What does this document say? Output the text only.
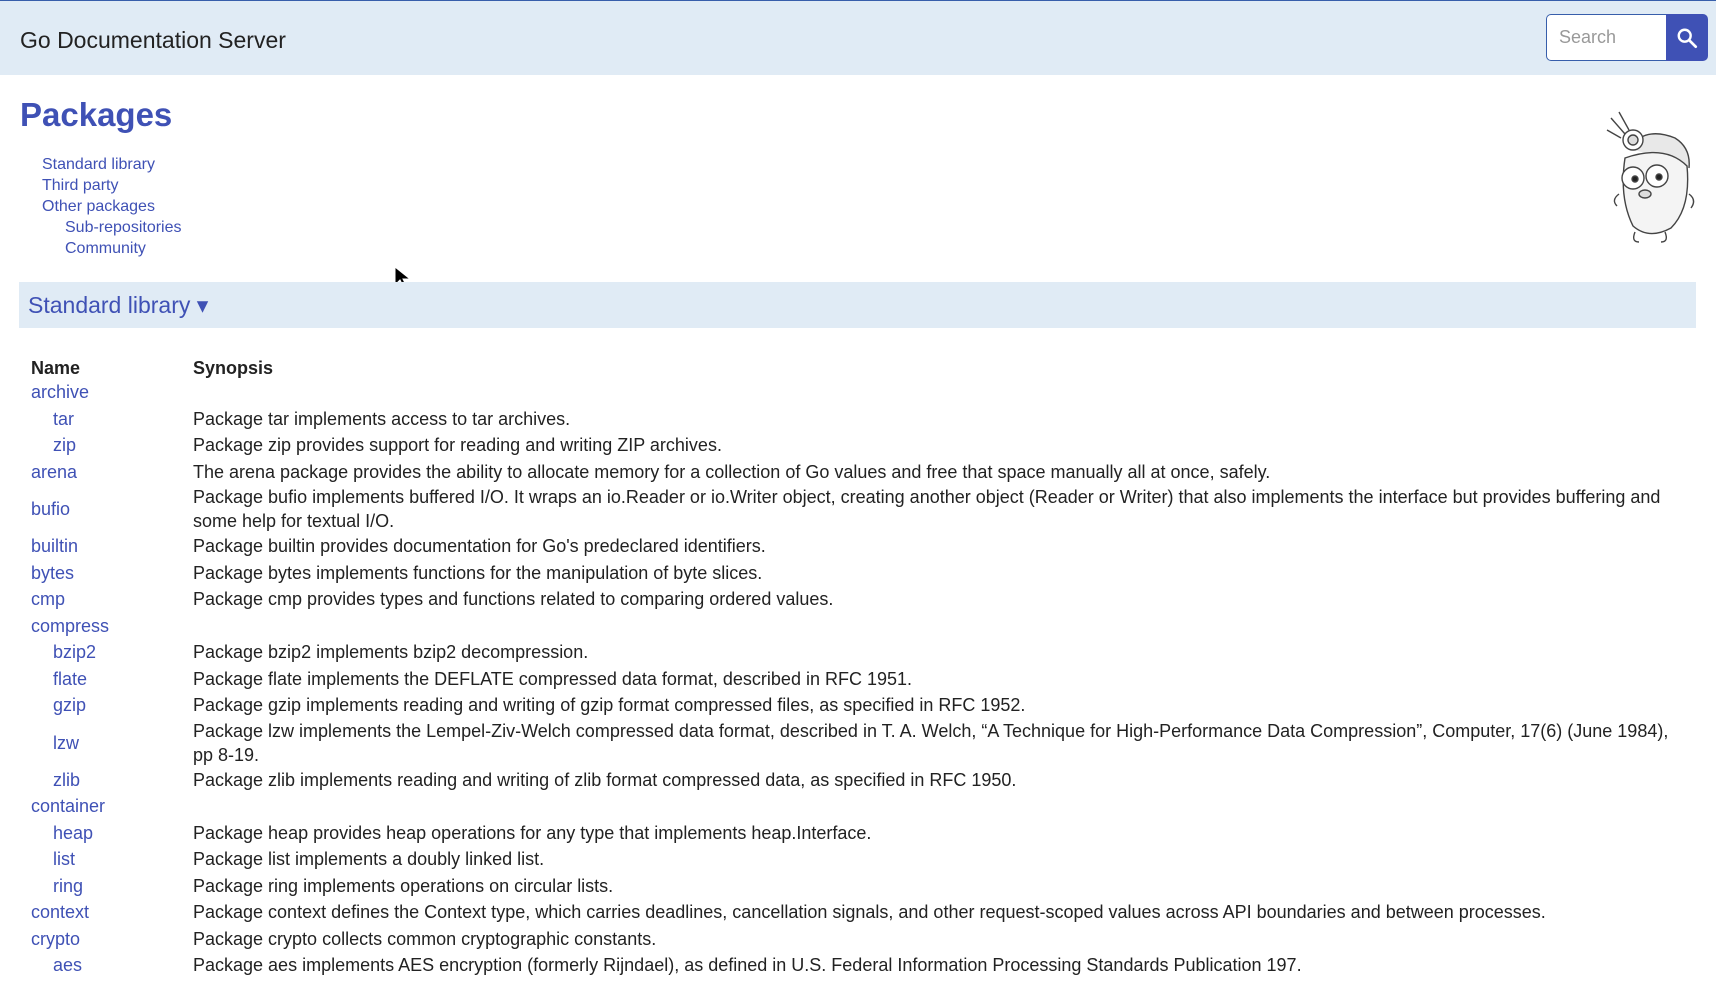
Go Documentation Server
Search
Packages
Standard library
Third party
Other packages
Sub-repositories
Community
Standard library ▾
Name	Synopsis
archive	
tar	Package tar implements access to tar archives.
zip	Package zip provides support for reading and writing ZIP archives.
arena	The arena package provides the ability to allocate memory for a collection of Go values and free that space manually all at once, safely.
bufio	Package bufio implements buffered I/O. It wraps an io.Reader or io.Writer object, creating another object (Reader or Writer) that also implements the interface but provides buffering and some help for textual I/O.
builtin	Package builtin provides documentation for Go's predeclared identifiers.
bytes	Package bytes implements functions for the manipulation of byte slices.
cmp	Package cmp provides types and functions related to comparing ordered values.
compress	
bzip2	Package bzip2 implements bzip2 decompression.
flate	Package flate implements the DEFLATE compressed data format, described in RFC 1951.
gzip	Package gzip implements reading and writing of gzip format compressed files, as specified in RFC 1952.
lzw	Package lzw implements the Lempel-Ziv-Welch compressed data format, described in T. A. Welch, “A Technique for High-Performance Data Compression”, Computer, 17(6) (June 1984), pp 8-19.
zlib	Package zlib implements reading and writing of zlib format compressed data, as specified in RFC 1950.
container	
heap	Package heap provides heap operations for any type that implements heap.Interface.
list	Package list implements a doubly linked list.
ring	Package ring implements operations on circular lists.
context	Package context defines the Context type, which carries deadlines, cancellation signals, and other request-scoped values across API boundaries and between processes.
crypto	Package crypto collects common cryptographic constants.
aes	Package aes implements AES encryption (formerly Rijndael), as defined in U.S. Federal Information Processing Standards Publication 197.
